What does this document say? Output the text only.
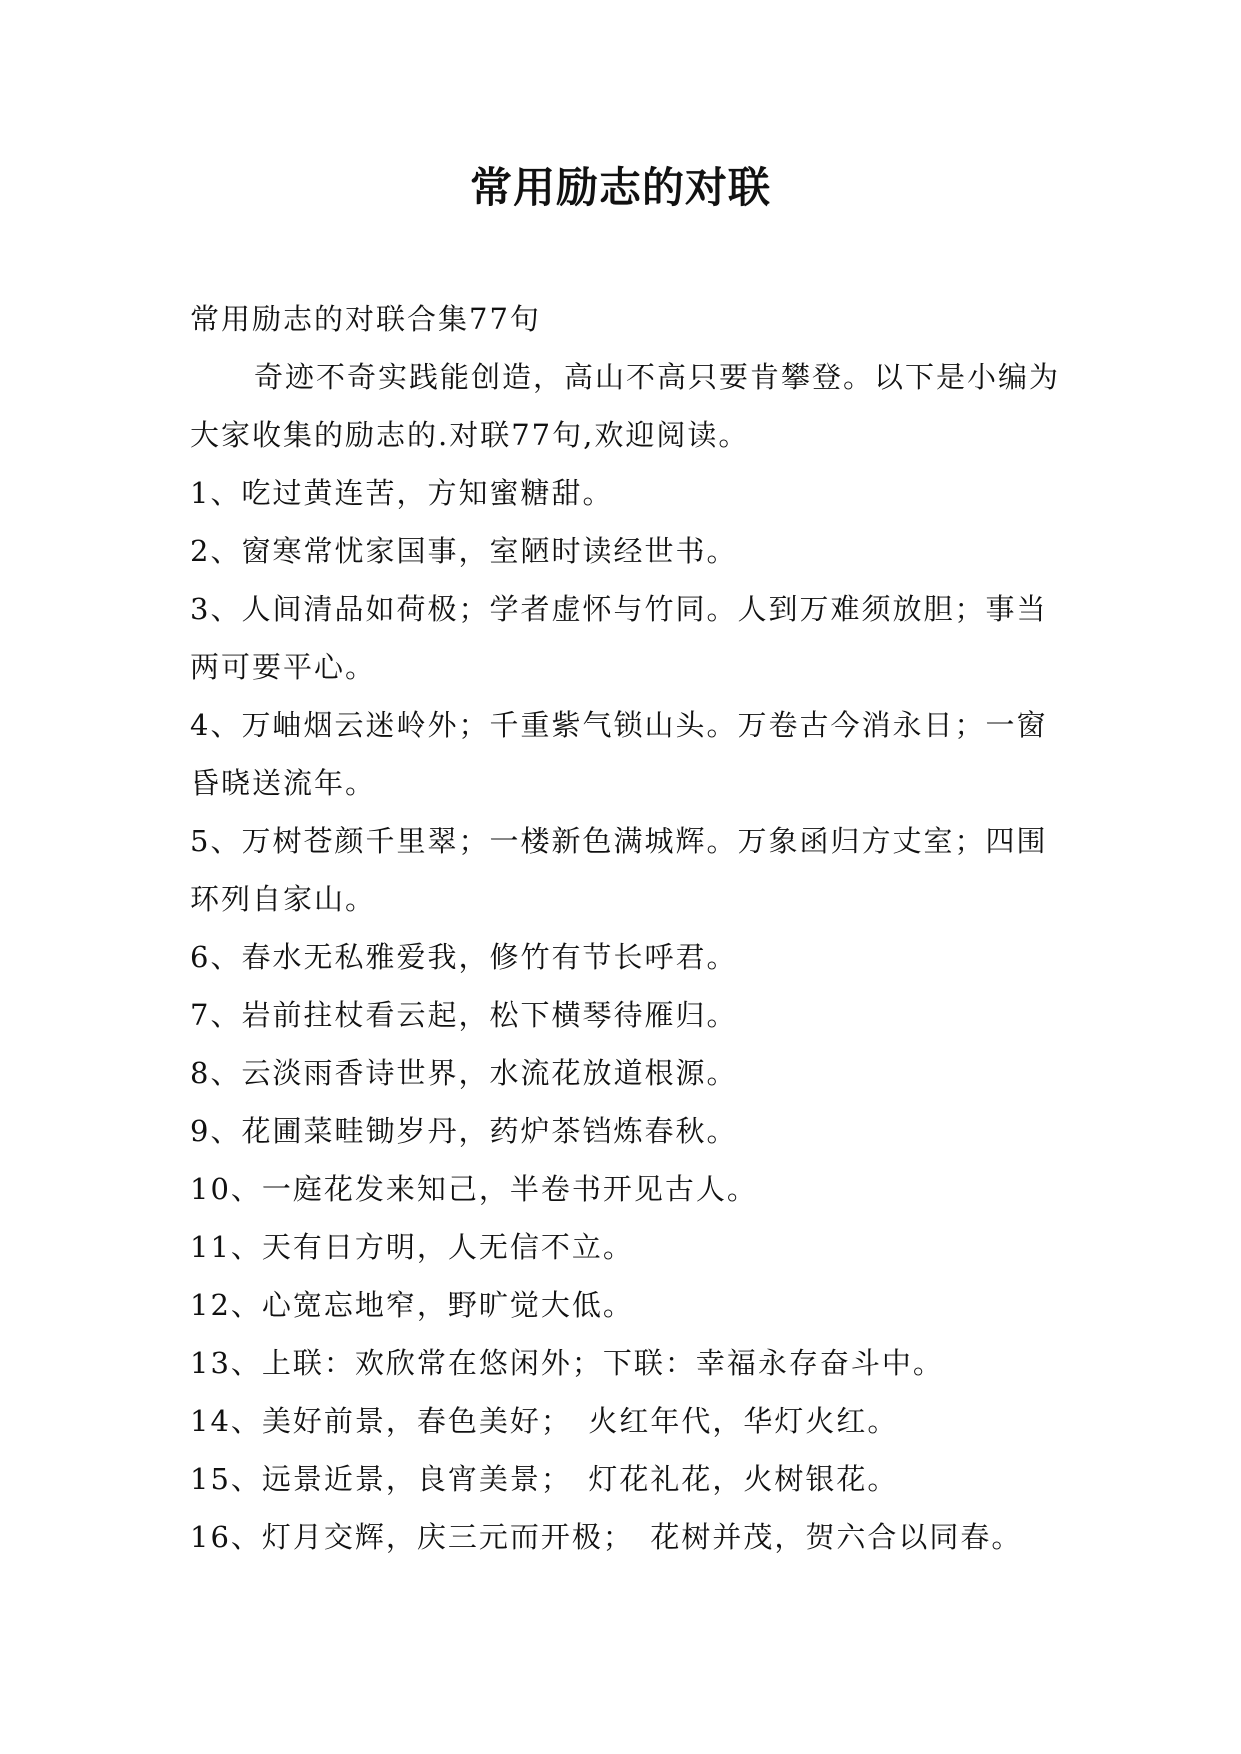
常用励志的对联

常用励志的对联合集77句

奇迹不奇实践能创造，高山不高只要肯攀登。以下是小编为大家收集的励志的.对联77句,欢迎阅读。

1、吃过黄连苦，方知蜜糖甜。

2、窗寒常忧家国事，室陋时读经世书。

3、人间清品如荷极；学者虚怀与竹同。人到万难须放胆；事当两可要平心。

4、万岫烟云迷岭外；千重紫气锁山头。万卷古今消永日；一窗昏晓送流年。

5、万树苍颜千里翠；一楼新色满城辉。万象函归方丈室；四围环列自家山。

6、春水无私雅爱我，修竹有节长呼君。

7、岩前拄杖看云起，松下横琴待雁归。

8、云淡雨香诗世界，水流花放道根源。

9、花圃菜畦锄岁丹，药炉茶铛炼春秋。

10、一庭花发来知己，半卷书开见古人。

11、天有日方明，人无信不立。

12、心宽忘地窄，野旷觉大低。

13、上联：欢欣常在悠闲外；下联：幸福永存奋斗中。

14、美好前景，春色美好；　火红年代，华灯火红。

15、远景近景，良宵美景；　灯花礼花，火树银花。

16、灯月交辉，庆三元而开极；　花树并茂，贺六合以同春。
